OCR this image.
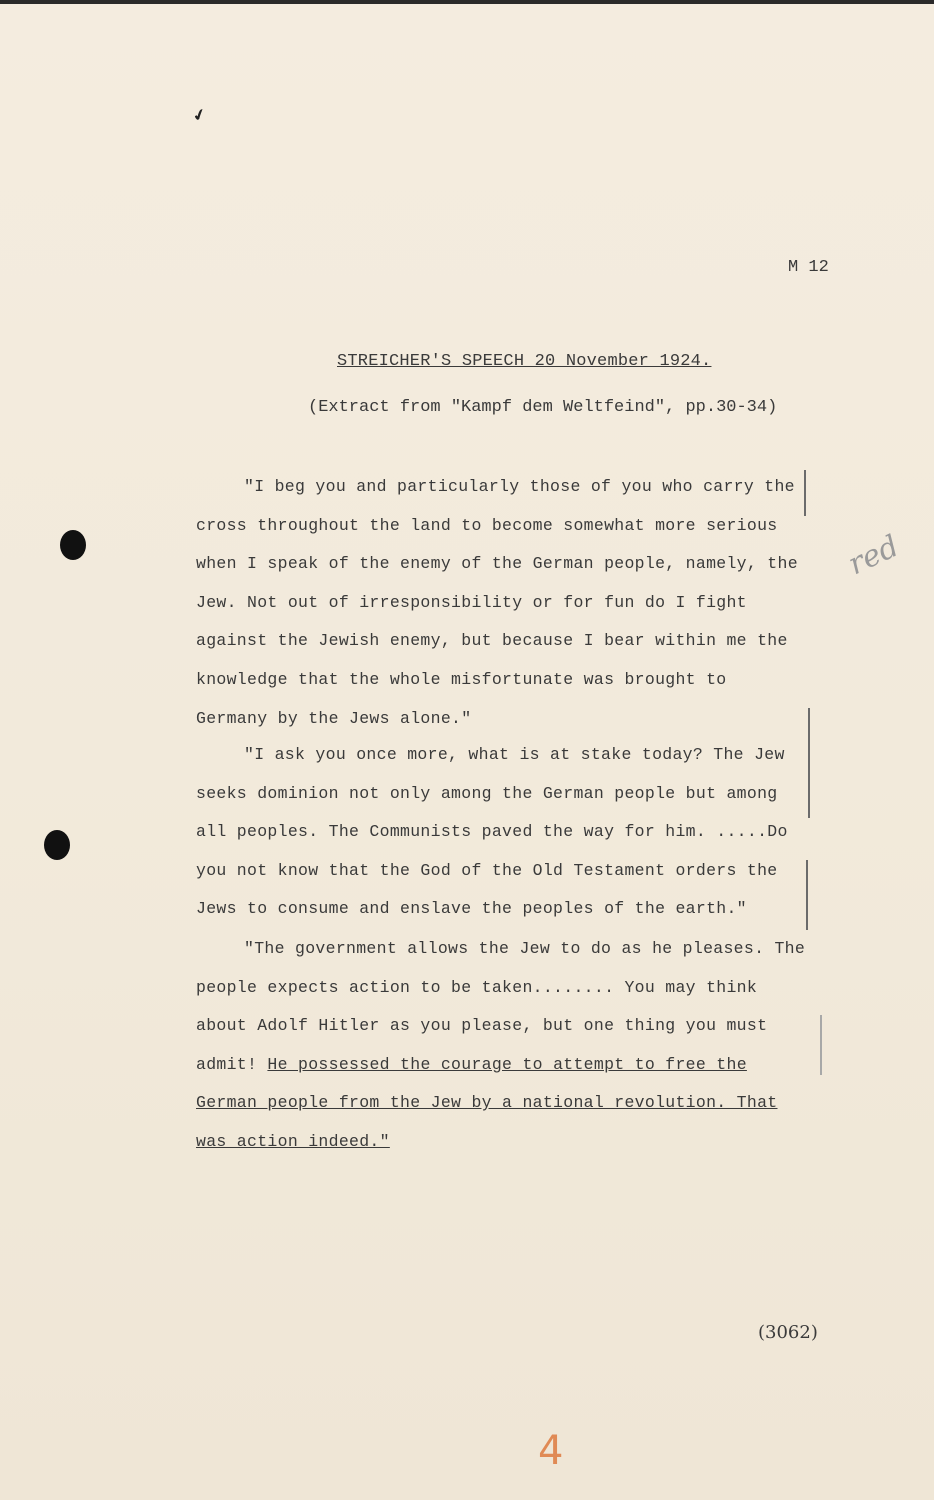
✔
M 12
STREICHER'S SPEECH 20 November 1924.
(Extract from "Kampf dem Weltfeind", pp.30-34)
"I beg you and particularly those of you who carry the cross throughout the land to become somewhat more serious when I speak of the enemy of the German people, namely, the Jew. Not out of irresponsibility or for fun do I fight against the Jewish enemy, but because I bear within me the knowledge that the whole misfortunate was brought to Germany by the Jews alone."
"I ask you once more, what is at stake today? The Jew seeks dominion not only among the German people but among all peoples. The Communists paved the way for him. .....Do you not know that the God of the Old Testament orders the Jews to consume and enslave the peoples of the earth."
"The government allows the Jew to do as he pleases. The people expects action to be taken........ You may think about Adolf Hitler as you please, but one thing you must admit! He possessed the courage to attempt to free the German people from the Jew by a national revolution. That was action indeed."
red
(3062)
4
